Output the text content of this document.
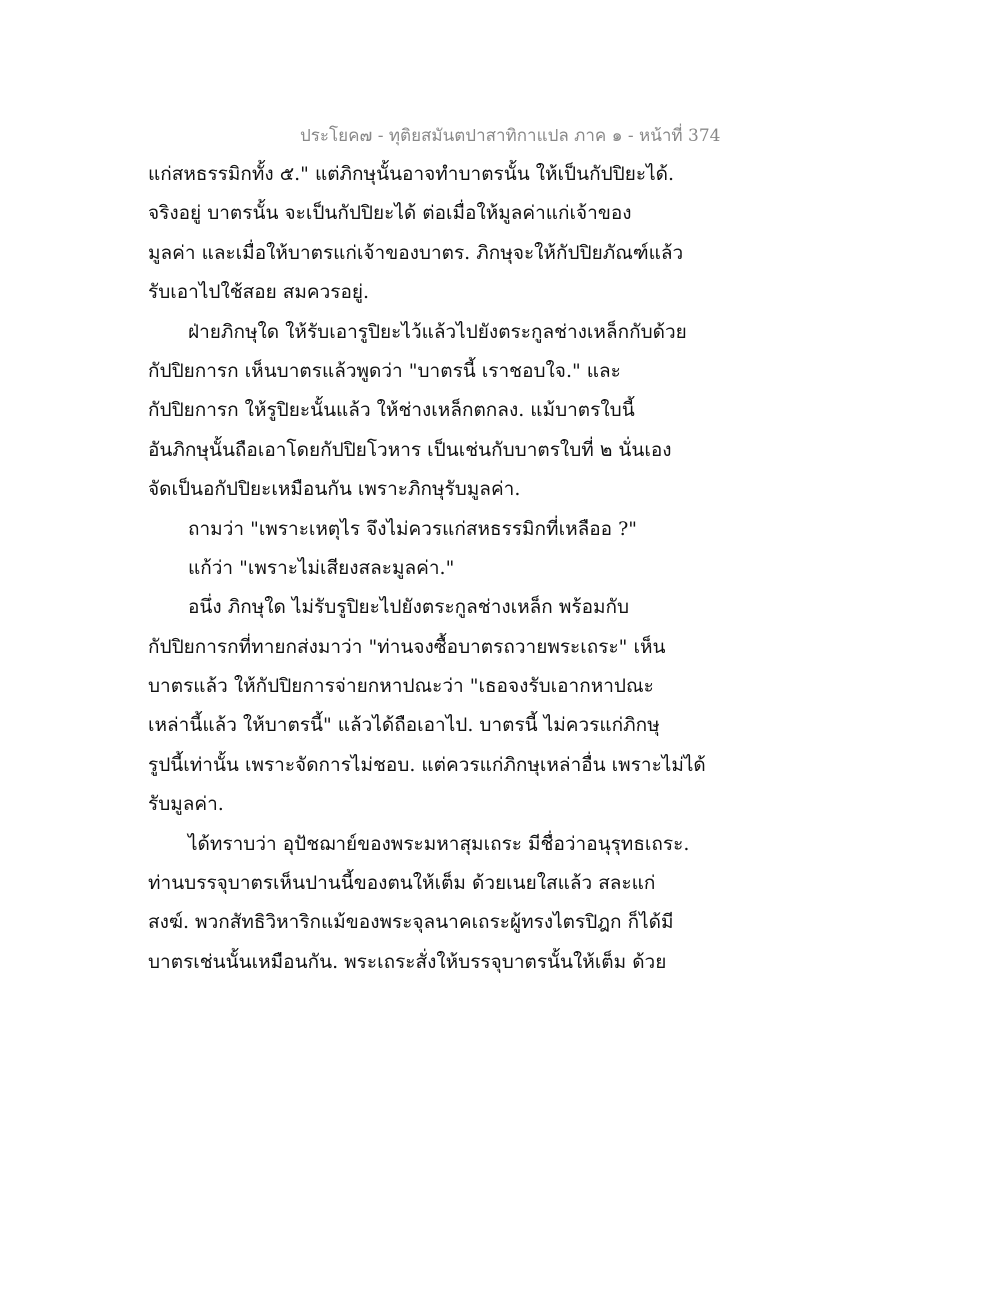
ประโยค๗ - ทุติยสมันตปาสาทิกาแปล ภาค ๑ - หน้าที่ 374
แก่สหธรรมิกทั้ง ๕." แต่ภิกษุนั้นอาจทำบาตรนั้น ให้เป็นกัปปิยะได้.
จริงอยู่ บาตรนั้น จะเป็นกัปปิยะได้ ต่อเมื่อให้มูลค่าแก่เจ้าของ
มูลค่า และเมื่อให้บาตรแก่เจ้าของบาตร. ภิกษุจะให้กัปปิยภัณฑ์แล้ว
รับเอาไปใช้สอย สมควรอยู่.
ฝ่ายภิกษุใด ให้รับเอารูปิยะไว้แล้วไปยังตระกูลช่างเหล็กกับด้วย
กัปปิยการก เห็นบาตรแล้วพูดว่า "บาตรนี้ เราชอบใจ." และ
กัปปิยการก ให้รูปิยะนั้นแล้ว ให้ช่างเหล็กตกลง. แม้บาตรใบนี้
อันภิกษุนั้นถือเอาโดยกัปปิยโวหาร เป็นเช่นกับบาตรใบที่ ๒ นั่นเอง
จัดเป็นอกัปปิยะเหมือนกัน เพราะภิกษุรับมูลค่า.
ถามว่า "เพราะเหตุไร จึงไม่ควรแก่สหธรรมิกที่เหลืออ ?"
แก้ว่า "เพราะไม่เสียงสละมูลค่า."
อนึ่ง ภิกษุใด ไม่รับรูปิยะไปยังตระกูลช่างเหล็ก พร้อมกับ
กัปปิยการกที่ทายกส่งมาว่า "ท่านจงซื้อบาตรถวายพระเถระ" เห็น
บาตรแล้ว ให้กัปปิยการจ่ายกหาปณะว่า "เธอจงรับเอากหาปณะ
เหล่านี้แล้ว ให้บาตรนี้" แล้วได้ถือเอาไป. บาตรนี้ ไม่ควรแก่ภิกษุ
รูปนี้เท่านั้น เพราะจัดการไม่ชอบ. แต่ควรแก่ภิกษุเหล่าอื่น เพราะไม่ได้
รับมูลค่า.
ได้ทราบว่า อุปัชฌาย์ของพระมหาสุมเถระ มีชื่อว่าอนุรุทธเถระ.
ท่านบรรจุบาตรเห็นปานนี้ของตนให้เต็ม ด้วยเนยใสแล้ว สละแก่
สงฆ์. พวกสัทธิวิหาริกแม้ของพระจุลนาคเถระผู้ทรงไตรปิฎก ก็ได้มี
บาตรเช่นนั้นเหมือนกัน. พระเถระสั่งให้บรรจุบาตรนั้นให้เต็ม ด้วย
